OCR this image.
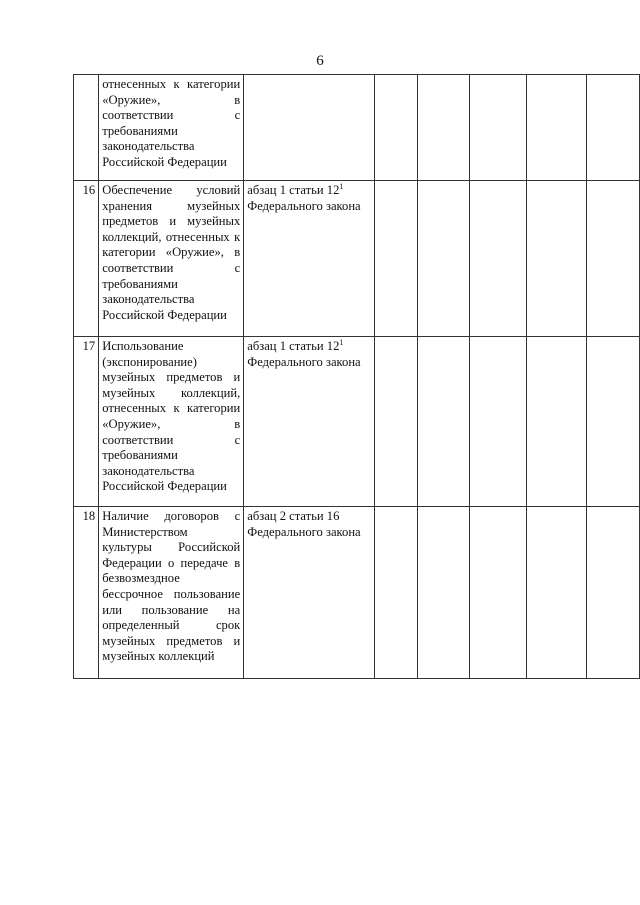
6
	отнесенных к категории «Оружие», в соответствии с требованиями законодательства Российской Федерации	

16	Обеспечение условий хранения музейных предметов и музейных коллекций, отнесенных к категории «Оружие», в соответствии с требованиями законодательства Российской Федерации	абзац 1 статьи $12^1$
Федерального закона					

17	Использование (экспонирование) музейных предметов и музейных коллекций, отнесенных к категории «Оружие», в соответствии с требованиями законодательства Российской Федерации	абзац 1 статьи $12^1$
Федерального закона					

18	Наличие договоров с Министерством культуры Российской Федерации о передаче в безвозмездное бессрочное пользование или пользование на определенный срок музейных предметов и музейных коллекций	абзац 2 статьи 16
Федерального закона					
